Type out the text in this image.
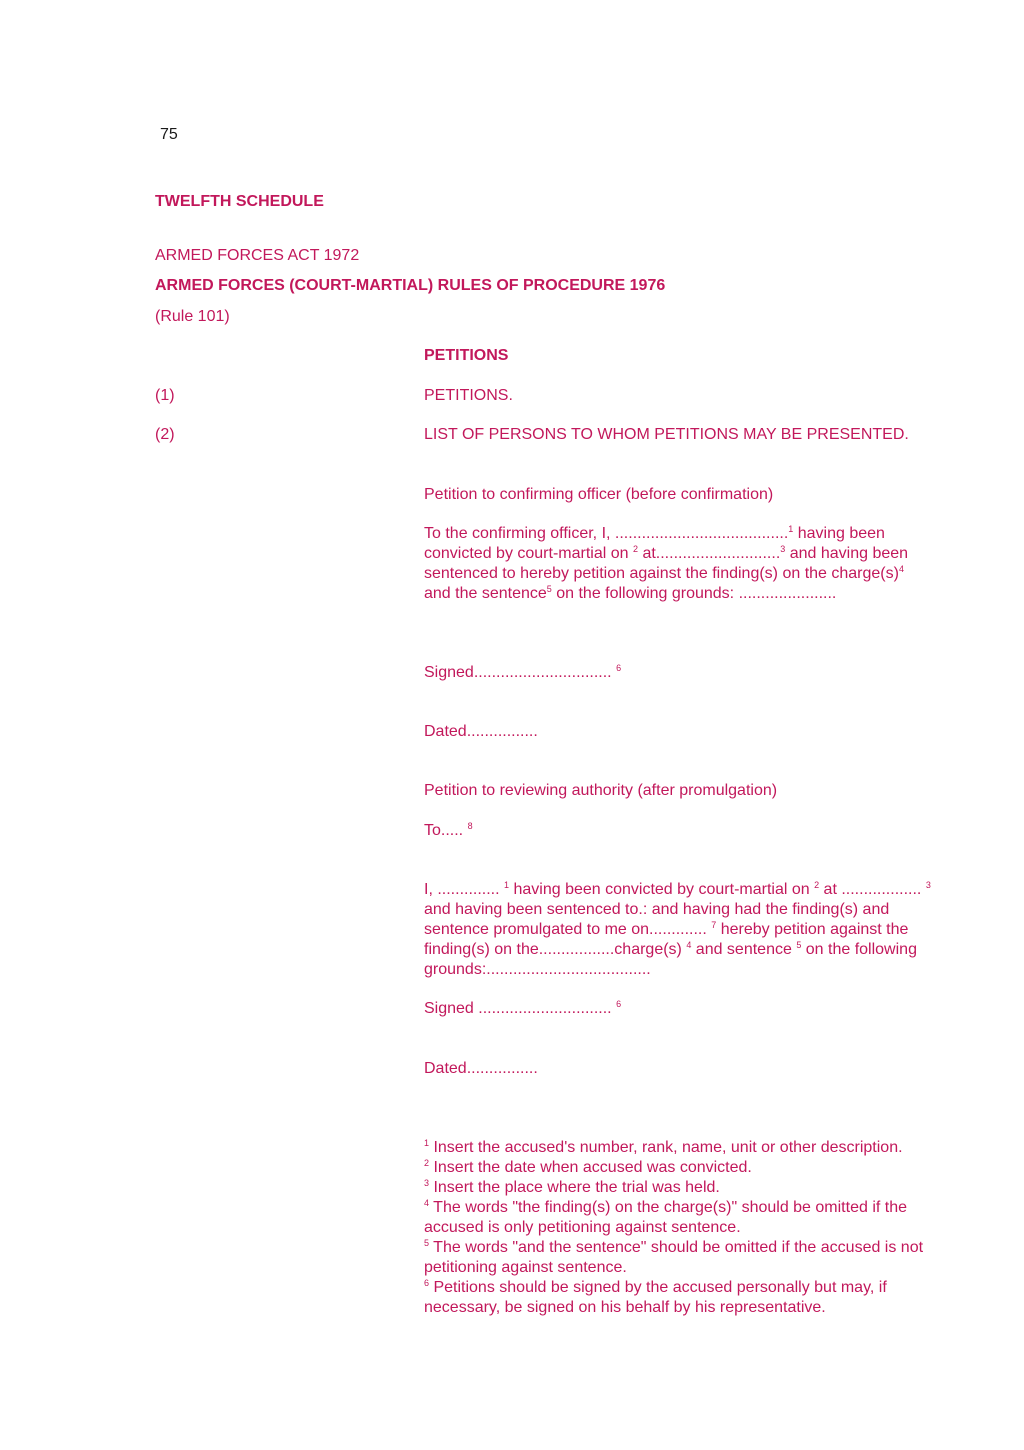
75
TWELFTH SCHEDULE
ARMED FORCES ACT 1972
ARMED FORCES (COURT-MARTIAL) RULES OF PROCEDURE 1976
(Rule 101)
PETITIONS
(1)	PETITIONS.
(2)	LIST OF PERSONS TO WHOM PETITIONS MAY BE PRESENTED.
Petition to confirming officer (before confirmation)
To the confirming officer, I, .......................................$^1$ having been
convicted by court-martial on $^2$ at............................$^3$ and having been
sentenced to hereby petition against the finding(s) on the $charge(s)^4$
and the sentence$^5$ on the following grounds: ......................
Signed............................... $^6$
Dated................
Petition to reviewing authority (after promulgation)
To..... $^8$
I, .............. $^1$ having been convicted by court-martial on $^2$ at .................. $^3$
and having been sentenced to.: and having had the finding(s) and
sentence promulgated to me on............. $^7$ hereby petition against the
finding(s) on the.................charge(s) $^4$ and sentence $^5$ on the following
grounds:.....................................
Signed .............................. $^6$
Dated................
$^1$ Insert the accused's number, rank, name, unit or other description.
$^2$ Insert the date when accused was convicted.
$^3$ Insert the place where the trial was held.
$^4$ The words "the finding(s) on the charge(s)" should be omitted if the
accused is only petitioning against sentence.
$^5$ The words "and the sentence" should be omitted if the accused is not
petitioning against sentence.
$^6$ Petitions should be signed by the accused personally but may, if
necessary, be signed on his behalf by his representative.
